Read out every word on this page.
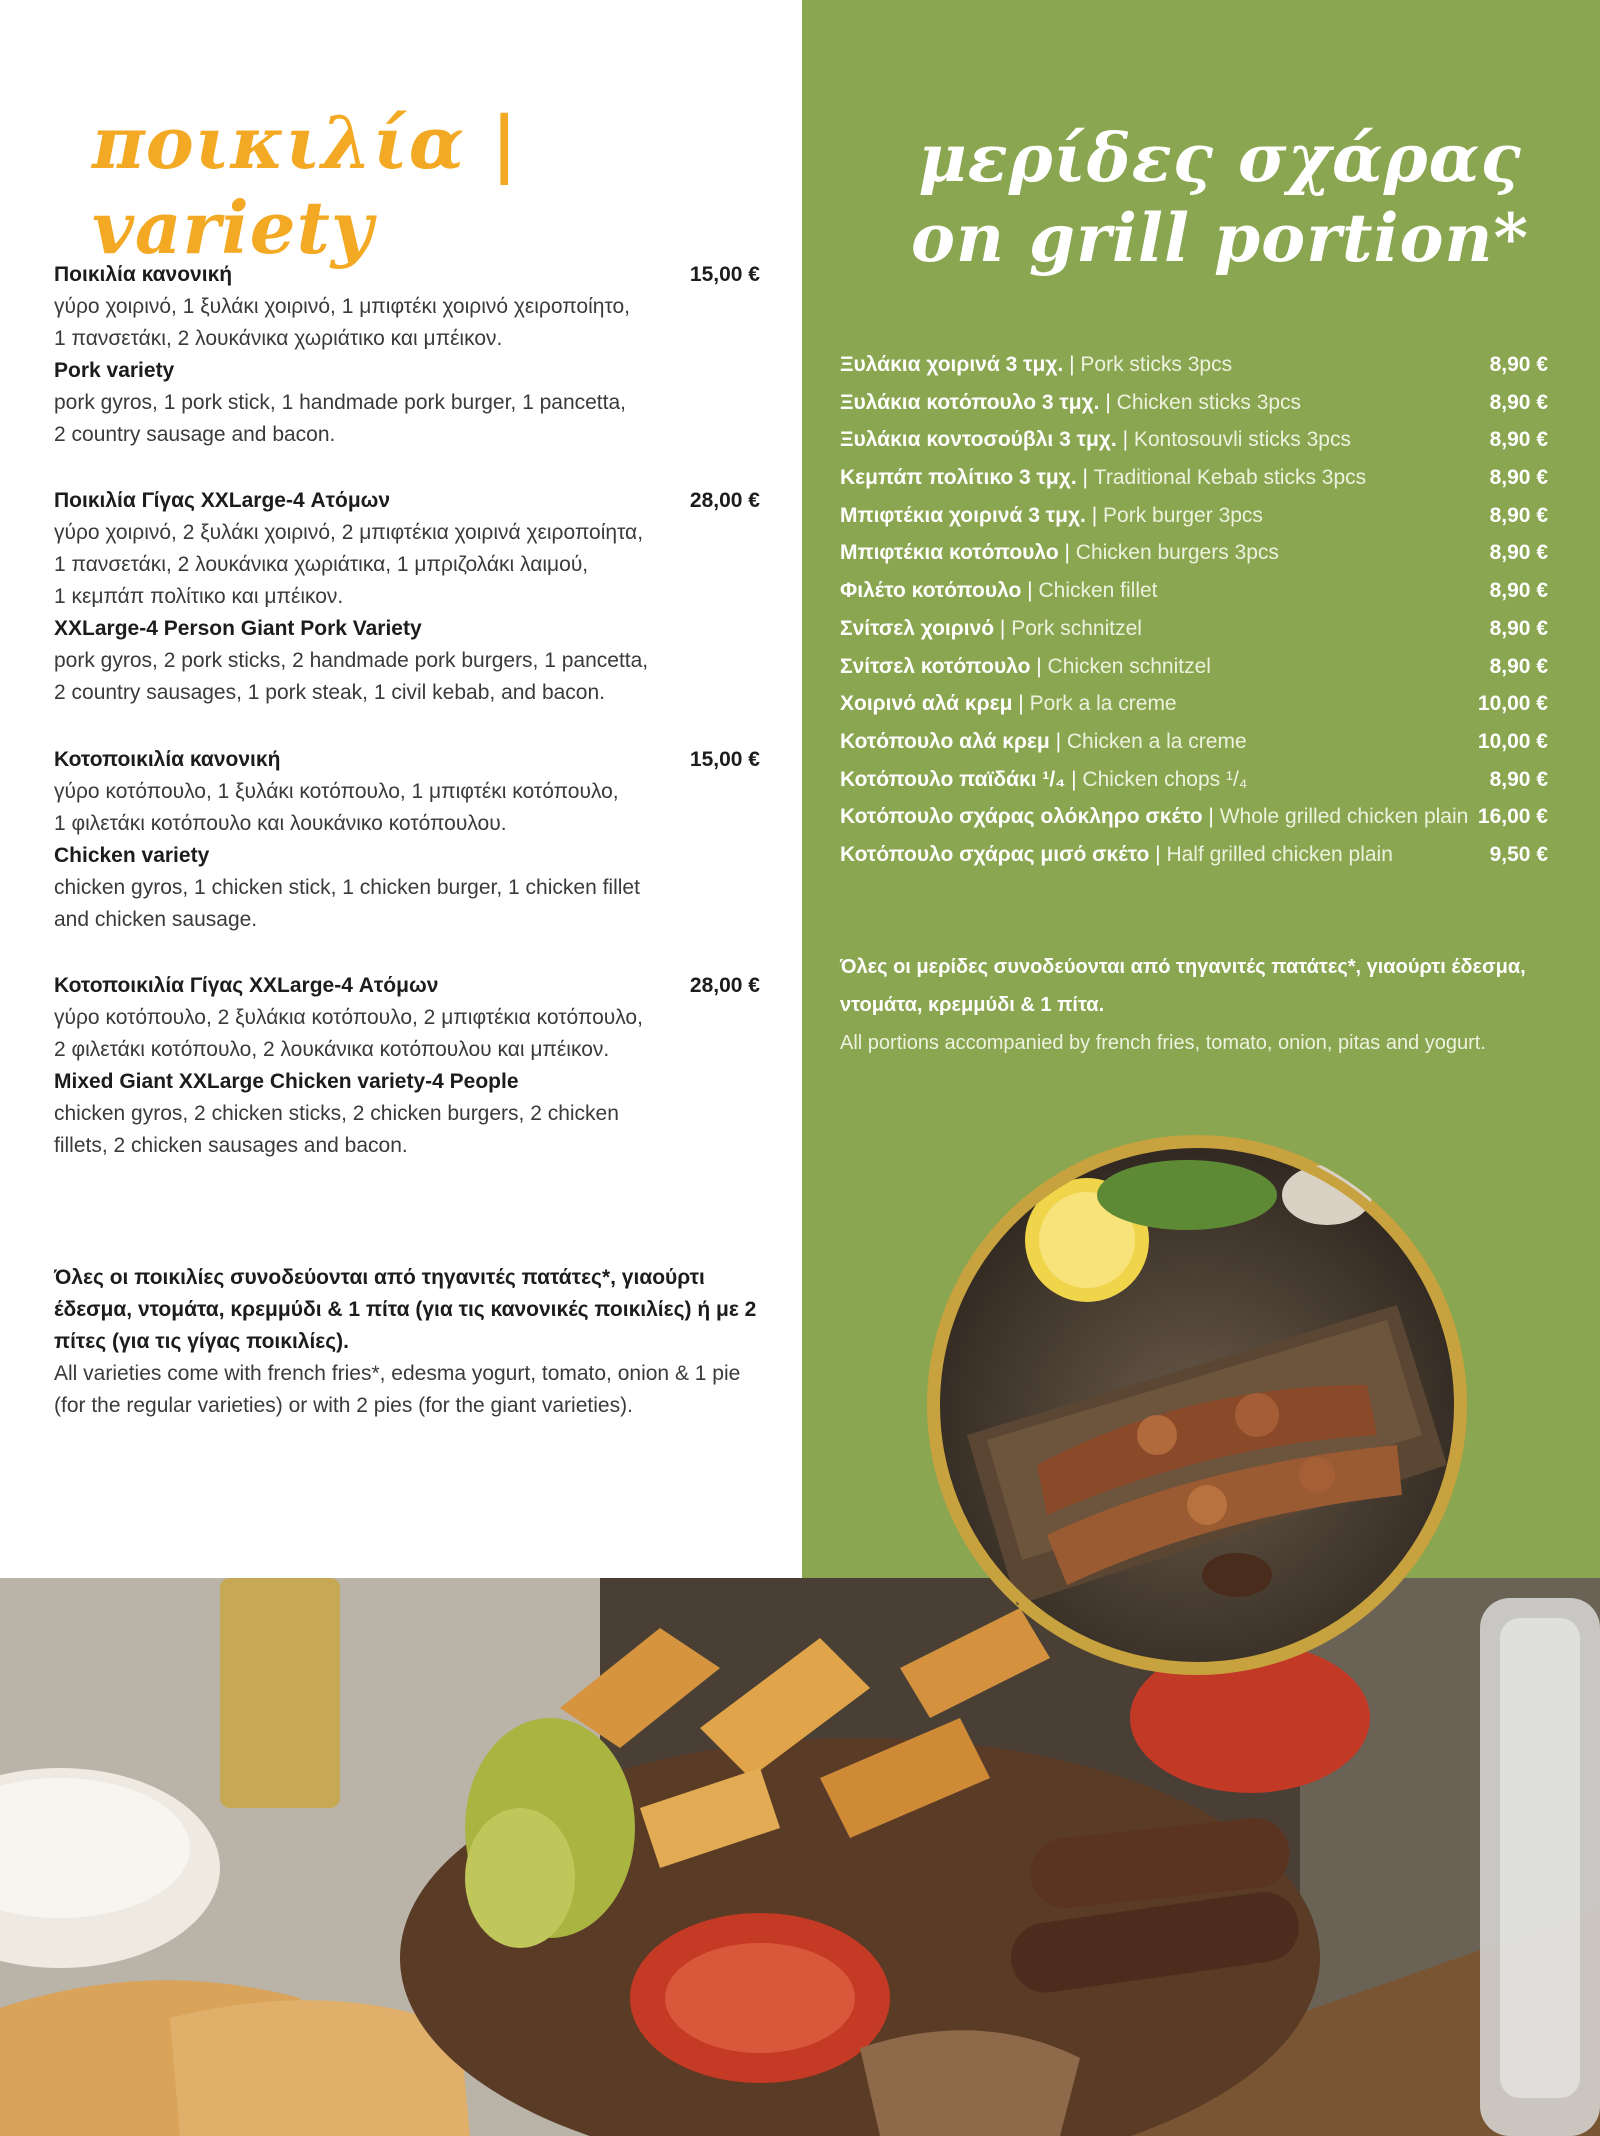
ποικιλία | variety
Ποικιλία κανονική	15,00 €
γύρο χοιρινό, 1 ξυλάκι χοιρινό, 1 μπιφτέκι χοιρινό χειροποίητο,
1 πανσετάκι, 2 λουκάνικα χωριάτικο και μπέικον.
Pork variety
pork gyros, 1 pork stick, 1 handmade pork burger, 1 pancetta,
2 country sausage and bacon.
Ποικιλία Γίγας XXLarge-4 Ατόμων	28,00 €
γύρο χοιρινό, 2 ξυλάκι χοιρινό, 2 μπιφτέκια χοιρινά χειροποίητα,
1 πανσετάκι, 2 λουκάνικα χωριάτικα, 1 μπριζολάκι λαιμού,
1 κεμπάπ πολίτικο και μπέικον.
XXLarge-4 Person Giant Pork Variety
pork gyros, 2 pork sticks, 2 handmade pork burgers, 1 pancetta,
2 country sausages, 1 pork steak, 1 civil kebab, and bacon.
Κοτοποικιλία κανονική	15,00 €
γύρο κοτόπουλο, 1 ξυλάκι κοτόπουλο, 1 μπιφτέκι κοτόπουλο,
1 φιλετάκι κοτόπουλο και λουκάνικο κοτόπουλου.
Chicken variety
chicken gyros, 1 chicken stick, 1 chicken burger, 1 chicken fillet
and chicken sausage.
Κοτοποικιλία Γίγας XXLarge-4 Ατόμων	28,00 €
γύρο κοτόπουλο, 2 ξυλάκια κοτόπουλο, 2 μπιφτέκια κοτόπουλο,
2 φιλετάκι κοτόπουλο, 2 λουκάνικα κοτόπουλου και μπέικον.
Mixed Giant XXLarge Chicken variety-4 People
chicken gyros, 2 chicken sticks, 2 chicken burgers, 2 chicken
fillets, 2 chicken sausages and bacon.
Όλες οι ποικιλίες συνοδεύονται από τηγανιτές πατάτες*, γιαούρτι
έδεσμα, ντομάτα, κρεμμύδι & 1 πίτα (για τις κανονικές ποικιλίες) ή με 2
πίτες (για τις γίγας ποικιλίες).
All varieties come with french fries*, edesma yogurt, tomato, onion & 1 pie
(for the regular varieties) or with 2 pies (for the giant varieties).
μερίδες σχάρας
on grill portion*
Ξυλάκια χοιρινά 3 τμχ. | Pork sticks 3pcs	8,90 €
Ξυλάκια κοτόπουλο 3 τμχ. | Chicken sticks 3pcs	8,90 €
Ξυλάκια κοντοσούβλι 3 τμχ. | Kontosouvli sticks 3pcs	8,90 €
Κεμπάπ πολίτικο 3 τμχ. | Traditional Kebab sticks 3pcs	8,90 €
Μπιφτέκια χοιρινά 3 τμχ. | Pork burger 3pcs	8,90 €
Μπιφτέκια κοτόπουλο | Chicken burgers 3pcs	8,90 €
Φιλέτο κοτόπουλο | Chicken fillet	8,90 €
Σνίτσελ χοιρινό | Pork schnitzel	8,90 €
Σνίτσελ κοτόπουλο | Chicken schnitzel	8,90 €
Χοιρινό αλά κρεμ | Pork a la creme	10,00 €
Κοτόπουλο αλά κρεμ | Chicken a la creme	10,00 €
Κοτόπουλο παϊδάκι ¹/₄ | Chicken chops ¹/₄	8,90 €
Κοτόπουλο σχάρας ολόκληρο σκέτο | Whole grilled chicken plain 16,00 €
Κοτόπουλο σχάρας μισό σκέτο | Half grilled chicken plain	9,50 €
Όλες οι μερίδες συνοδεύονται από τηγανιτές πατάτες*, γιαούρτι έδεσμα,
ντομάτα, κρεμμύδι & 1 πίτα.
All portions accompanied by french fries, tomato, onion, pitas and yogurt.
